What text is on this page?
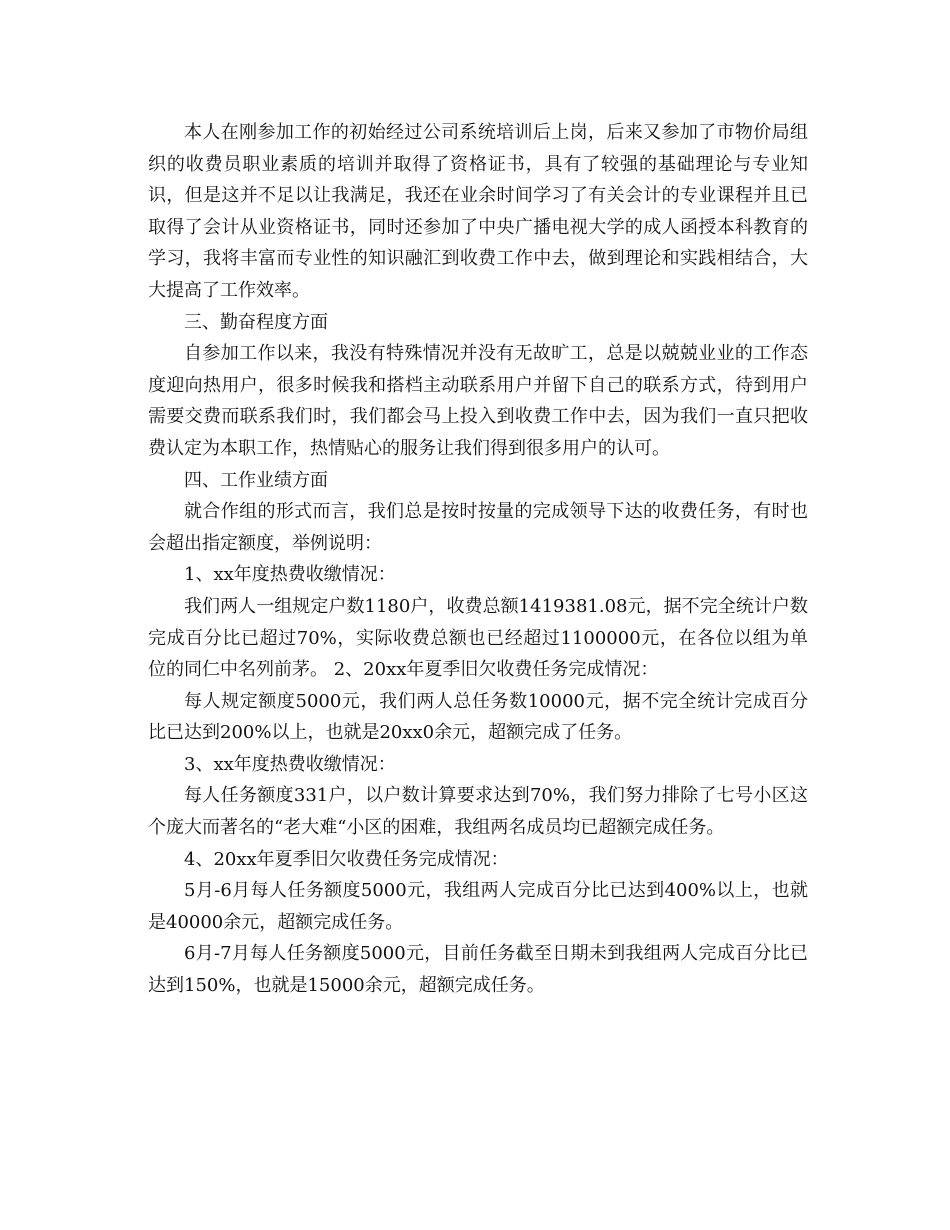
本人在刚参加工作的初始经过公司系统培训后上岗，后来又参加了市物价局组织的收费员职业素质的培训并取得了资格证书，具有了较强的基础理论与专业知识，但是这并不足以让我满足，我还在业余时间学习了有关会计的专业课程并且已取得了会计从业资格证书，同时还参加了中央广播电视大学的成人函授本科教育的学习，我将丰富而专业性的知识融汇到收费工作中去，做到理论和实践相结合，大大提高了工作效率。

三、勤奋程度方面

自参加工作以来，我没有特殊情况并没有无故旷工，总是以兢兢业业的工作态度迎向热用户，很多时候我和搭档主动联系用户并留下自己的联系方式，待到用户需要交费而联系我们时，我们都会马上投入到收费工作中去，因为我们一直只把收费认定为本职工作，热情贴心的服务让我们得到很多用户的认可。

四、工作业绩方面

就合作组的形式而言，我们总是按时按量的完成领导下达的收费任务，有时也会超出指定额度，举例说明：

1、xx年度热费收缴情况：

我们两人一组规定户数1180户，收费总额1419381.08元，据不完全统计户数完成百分比已超过70%，实际收费总额也已经超过1100000元，在各位以组为单位的同仁中名列前茅。 2、20xx年夏季旧欠收费任务完成情况：

每人规定额度5000元，我们两人总任务数10000元，据不完全统计完成百分比已达到200%以上，也就是20xx0余元，超额完成了任务。

3、xx年度热费收缴情况：

每人任务额度331户，以户数计算要求达到70%，我们努力排除了七号小区这个庞大而著名的“老大难“小区的困难，我组两名成员均已超额完成任务。

4、20xx年夏季旧欠收费任务完成情况：

5月-6月每人任务额度5000元，我组两人完成百分比已达到400%以上，也就是40000余元，超额完成任务。

6月-7月每人任务额度5000元，目前任务截至日期未到我组两人完成百分比已达到150%，也就是15000余元，超额完成任务。
